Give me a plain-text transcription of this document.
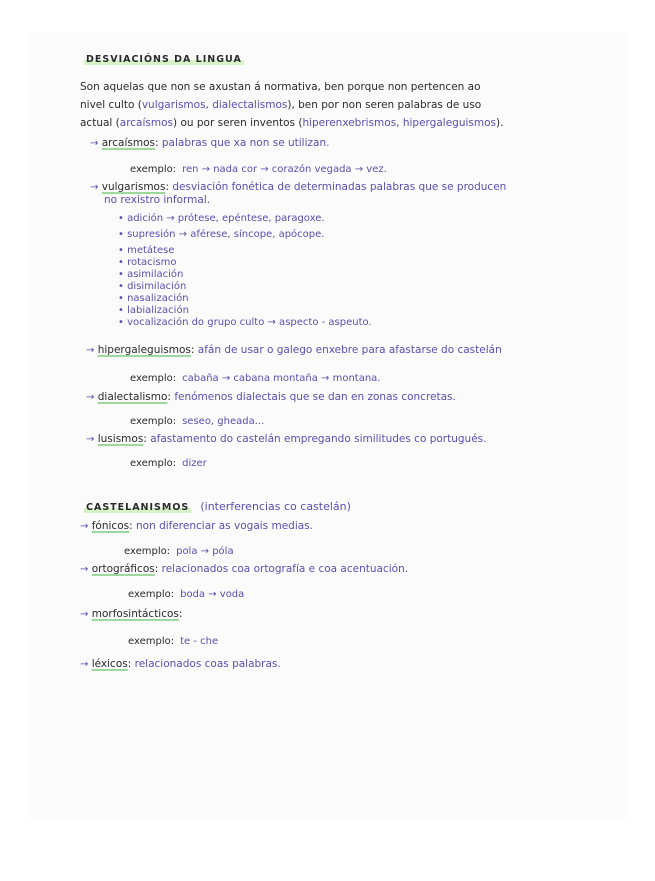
DESVIACIÓNS DA LINGUA
Son aquelas que non se axustan á normativa, ben porque non pertencen ao
nivel culto (vulgarismos, dialectalismos), ben por non seren palabras de uso
actual (arcaísmos) ou por seren inventos (hiperenxebrismos, hipergaleguismos).
→ arcaísmos: palabras que xa non se utilizan.
exemplo: ren → nada cor → corazón vegada → vez.
→ vulgarismos: desviación fonética de determinadas palabras que se producen
no rexistro informal.
• adición → prótese, epéntese, paragoxe.
• supresión → aférese, síncope, apócope.
• metátese
• rotacismo
• asimilación
• disimilación
• nasalización
• labialización
• vocalización do grupo culto → aspecto - aspeuto.
→ hipergaleguismos: afán de usar o galego enxebre para afastarse do castelán
exemplo: cabaña → cabana montaña → montana.
→ dialectalismo: fenómenos dialectais que se dan en zonas concretas.
exemplo: seseo, gheada...
→ lusismos: afastamento do castelán empregando similitudes co portugués.
exemplo: dizer
CASTELANISMOS (interferencias co castelán)
→ fónicos: non diferenciar as vogais medias.
exemplo: pola → póla
→ ortográficos: relacionados coa ortografía e coa acentuación.
exemplo: boda → voda
→ morfosintácticos:
exemplo: te - che
→ léxicos: relacionados coas palabras.
